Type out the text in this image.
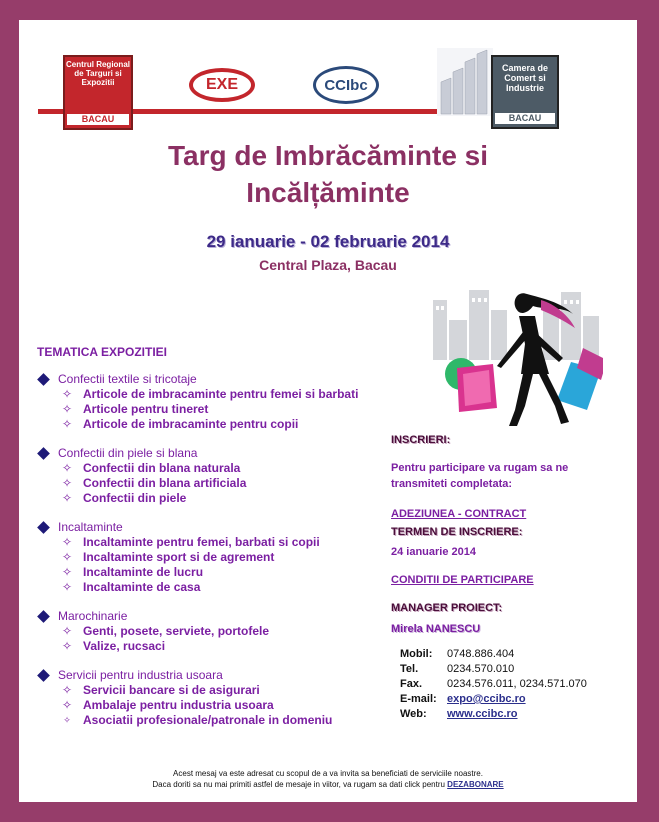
Centrul Regional de Targuri si Expozitii
BACAU
EXE	CCIbc
Camera de Comert si Industrie
BACAU
Targ de Imbrăcăminte si
Incălțăminte
29 ianuarie - 02 februarie 2014
Central Plaza, Bacau
TEMATICA EXPOZITIEI
Confectii textile si tricotaje
✧ Articole de imbracaminte pentru femei si barbati
✧ Articole pentru tineret
✧ Articole de imbracaminte pentru copii
Confectii din piele si blana
✧ Confectii din blana naturala
✧ Confectii din blana artificiala
✧ Confectii din piele
Incaltaminte
✧ Incaltaminte pentru femei, barbati si copii
✧ Incaltaminte sport si de agrement
✧ Incaltaminte de lucru
✧ Incaltaminte de casa
Marochinarie
✧ Genti, posete, serviete, portofele
✧ Valize, rucsaci
Servicii pentru industria usoara
✧ Servicii bancare si de asigurari
✧ Ambalaje pentru industria usoara
✧ Asociatii profesionale/patronale in domeniu
INSCRIERI:
Pentru participare va rugam sa ne
transmiteti completata:
ADEZIUNEA - CONTRACT
TERMEN DE INSCRIERE:
24 ianuarie 2014
CONDITII DE PARTICIPARE
MANAGER PROIECT:
Mirela NANESCU
Mobil:	0748.886.404
Tel.	0234.570.010
Fax.	0234.576.011, 0234.571.070
E-mail: expo@ccibc.ro
Web:	www.ccibc.ro
Acest mesaj va este adresat cu scopul de a va invita sa beneficiati de serviciile noastre.
Daca doriti sa nu mai primiti astfel de mesaje in viitor, va rugam sa dati click pentru DEZABONARE
